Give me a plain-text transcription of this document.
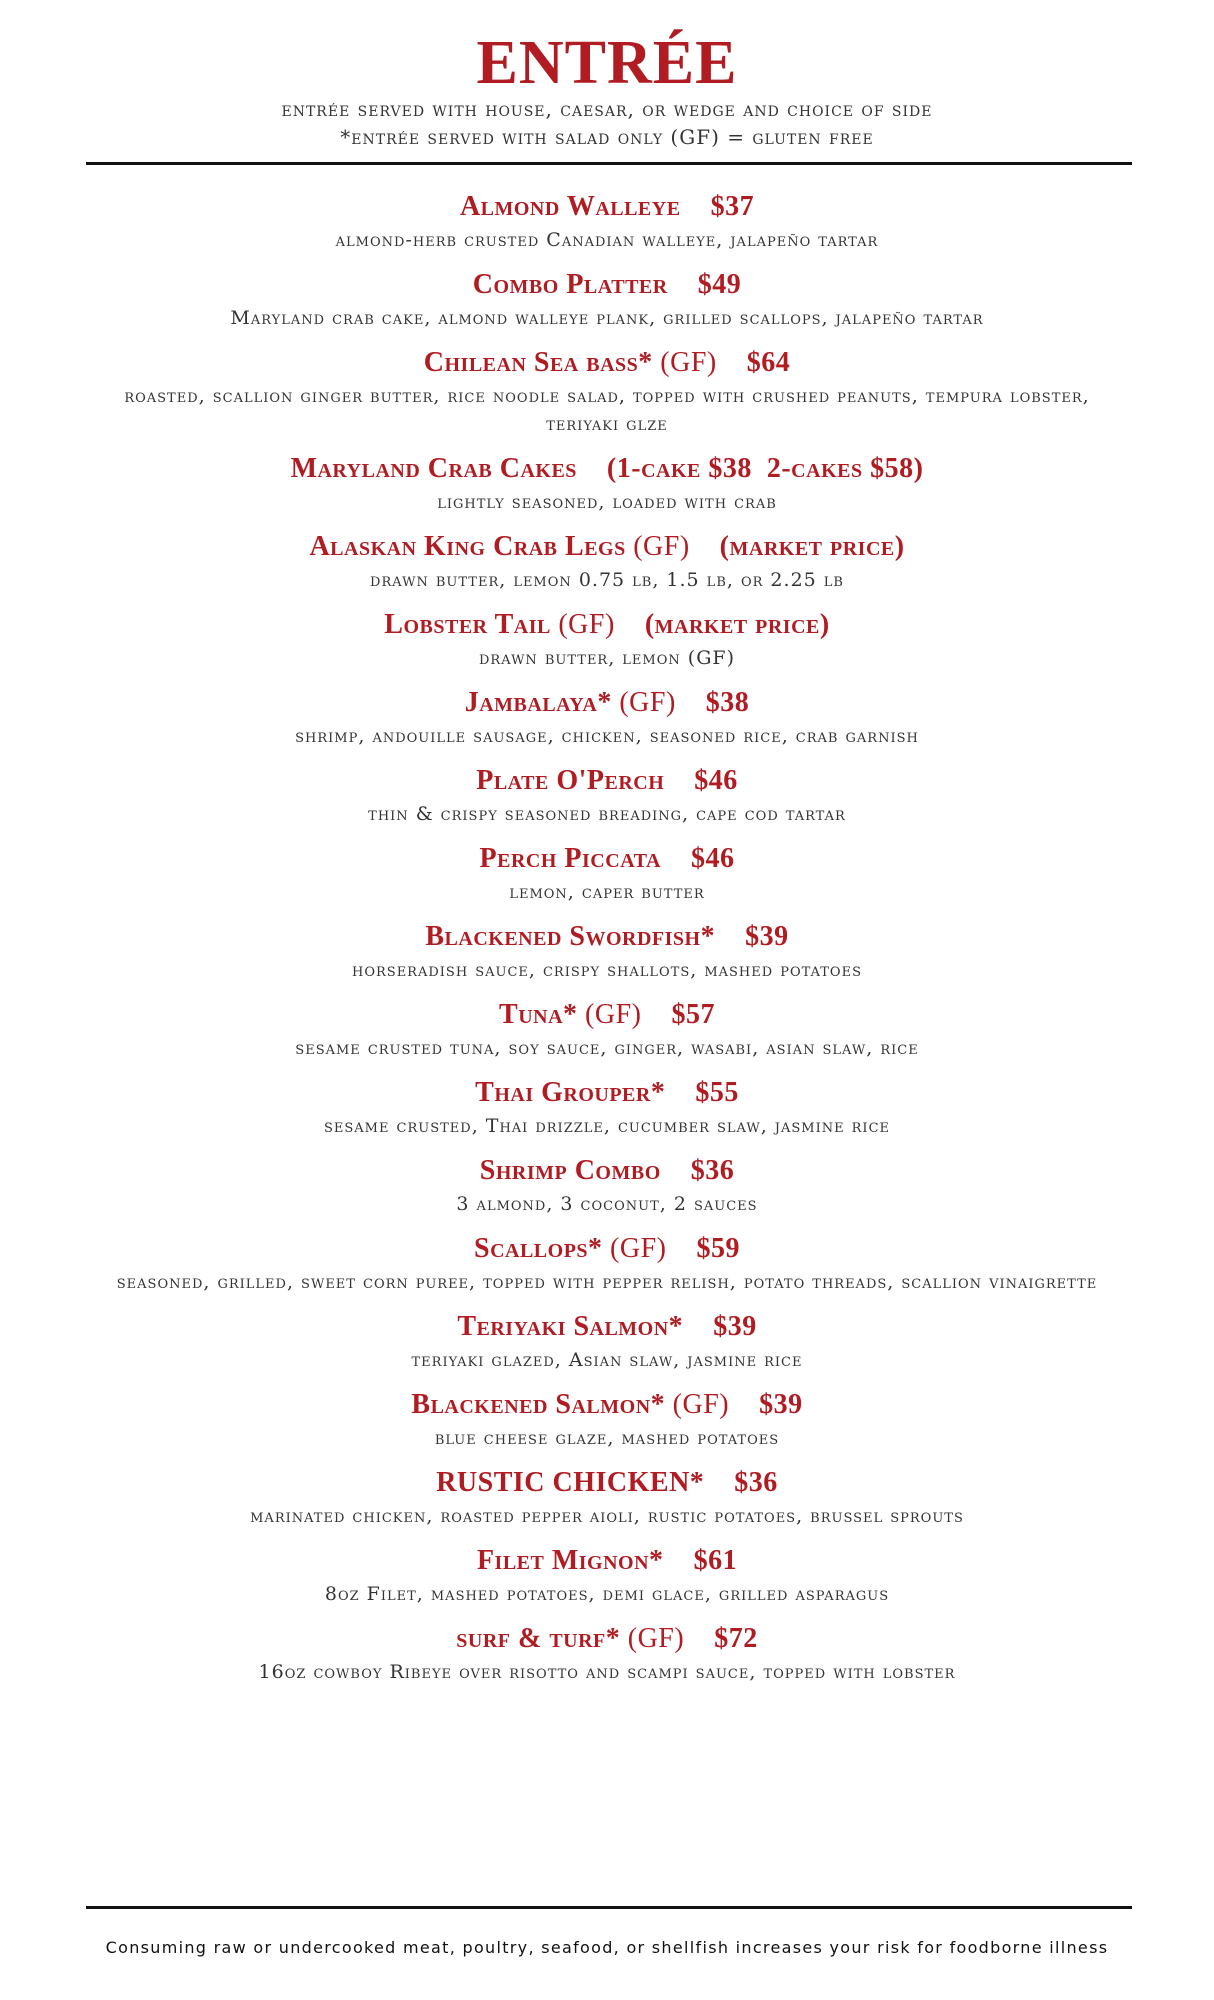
ENTRÉE
entrée served with house, caesar, or wedge and choice of side
*entrée served with salad only (GF) = gluten free
Almond Walleye $37
almond-herb crusted Canadian walleye, jalapeño tartar
Combo Platter $49
Maryland crab cake, almond walleye plank, grilled scallops, jalapeño tartar
Chilean Sea bass* (GF) $64
roasted, scallion ginger butter, rice noodle salad, topped with crushed peanuts, tempura lobster, teriyaki glze
Maryland Crab Cakes (1-cake $38  2-cakes $58)
lightly seasoned, loaded with crab
Alaskan King Crab Legs (GF) (market price)
drawn butter, lemon 0.75 lb, 1.5 lb, or 2.25 lb
Lobster Tail (GF) (market price)
drawn butter, lemon (GF)
Jambalaya* (GF) $38
shrimp, andouille sausage, chicken, seasoned rice, crab garnish
Plate O'Perch $46
thin & crispy seasoned breading, cape cod tartar
Perch Piccata $46
lemon, caper butter
Blackened Swordfish* $39
horseradish sauce, crispy shallots, mashed potatoes
Tuna* (GF) $57
sesame crusted tuna, soy sauce, ginger, wasabi, asian slaw, rice
Thai Grouper* $55
sesame crusted, Thai drizzle, cucumber slaw, jasmine rice
Shrimp Combo $36
3 almond, 3 coconut, 2 sauces
Scallops* (GF) $59
seasoned, grilled, sweet corn puree, topped with pepper relish, potato threads, scallion vinaigrette
Teriyaki Salmon* $39
teriyaki glazed, Asian slaw, jasmine rice
Blackened Salmon* (GF) $39
blue cheese glaze, mashed potatoes
RUSTIC CHICKEN* $36
marinated chicken, roasted pepper aioli, rustic potatoes, brussel sprouts
Filet Mignon* $61
8oz Filet, mashed potatoes, demi glace, grilled asparagus
surf & turf* (GF) $72
16oz cowboy Ribeye over risotto and scampi sauce, topped with lobster
Consuming raw or undercooked meat, poultry, seafood, or shellfish increases your risk for foodborne illness
